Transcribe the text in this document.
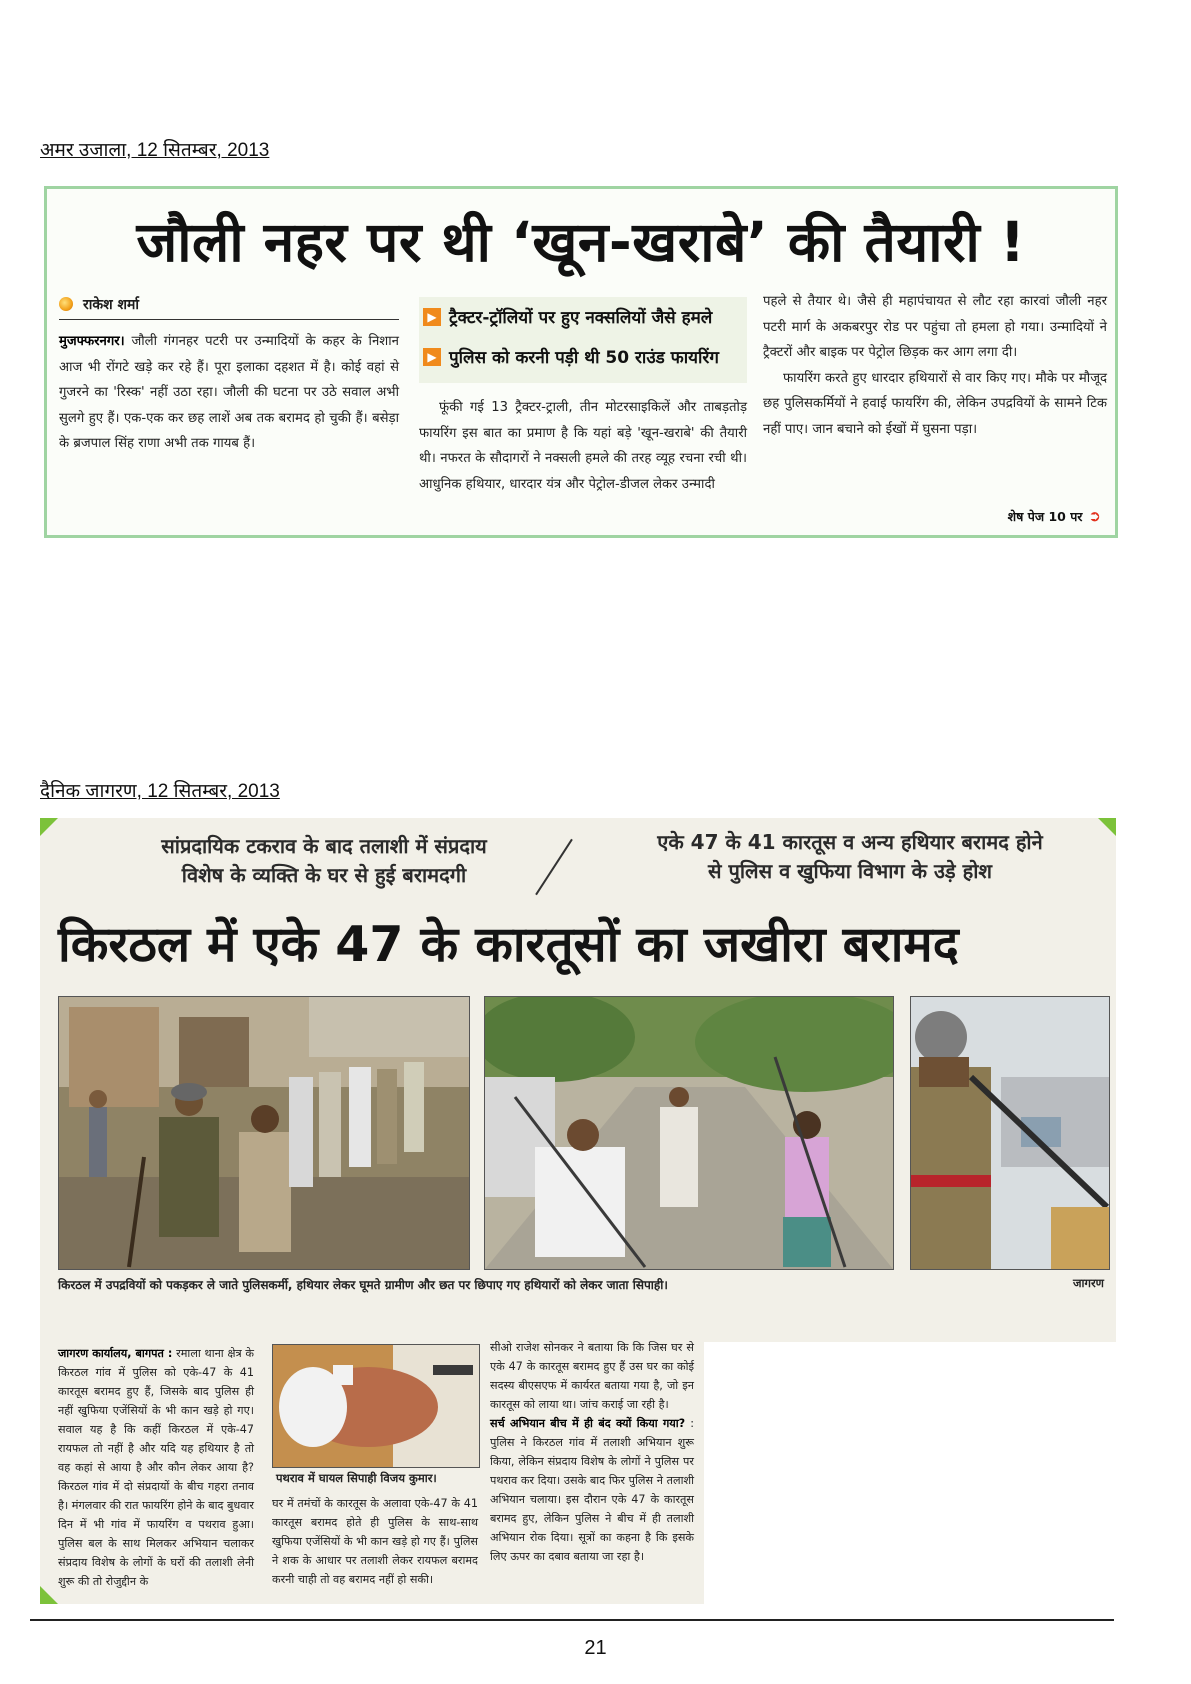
अमर उजाला, 12 सितम्बर, 2013
जौली नहर पर थी ‘खून-खराबे’ की तैयारी !
राकेश शर्मा

मुजफ्फरनगर। जौली गंगनहर पटरी पर उन्मादियों के कहर के निशान आज भी रोंगटे खड़े कर रहे हैं। पूरा इलाका दहशत में है। कोई वहां से गुजरने का 'रिस्क' नहीं उठा रहा। जौली की घटना पर उठे सवाल अभी सुलगे हुए हैं। एक-एक कर छह लाशें अब तक बरामद हो चुकी हैं। बसेड़ा के ब्रजपाल सिंह राणा अभी तक गायब हैं।

▶ ट्रैक्टर-ट्रॉलियों पर हुए नक्सलियों जैसे हमले
▶ पुलिस को करनी पड़ी थी 50 राउंड फायरिंग

फूंकी गई 13 ट्रैक्टर-ट्राली, तीन मोटरसाइकिलें और ताबड़तोड़ फायरिंग इस बात का प्रमाण है कि यहां बड़े 'खून-खराबे' की तैयारी थी। नफरत के सौदागरों ने नक्सली हमले की तरह व्यूह रचना रची थी। आधुनिक हथियार, धारदार यंत्र और पेट्रोल-डीजल लेकर उन्मादी

पहले से तैयार थे। जैसे ही महापंचायत से लौट रहा कारवां जौली नहर पटरी मार्ग के अकबरपुर रोड पर पहुंचा तो हमला हो गया। उन्मादियों ने ट्रैक्टरों और बाइक पर पेट्रोल छिड़क कर आग लगा दी।

फायरिंग करते हुए धारदार हथियारों से वार किए गए। मौके पर मौजूद छह पुलिसकर्मियों ने हवाई फायरिंग की, लेकिन उपद्रवियों के सामने टिक नहीं पाए। जान बचाने को ईखों में घुसना पड़ा।

शेष पेज 10 पर ➲
दैनिक जागरण, 12 सितम्बर, 2013
सांप्रदायिक टकराव के बाद तलाशी में संप्रदाय
विशेष के व्यक्ति के घर से हुई बरामदगी
एके 47 के 41 कारतूस व अन्य हथियार बरामद होने
से पुलिस व खुफिया विभाग के उड़े होश
किरठल में एके 47 के कारतूसों का जखीरा बरामद
किरठल में उपद्रवियों को पकड़कर ले जाते पुलिसकर्मी, हथियार लेकर घूमते ग्रामीण और छत पर छिपाए गए हथियारों को लेकर जाता सिपाही।	जागरण
जागरण कार्यालय, बागपत : रमाला थाना क्षेत्र के किरठल गांव में पुलिस को एके-47 के 41 कारतूस बरामद हुए हैं, जिसके बाद पुलिस ही नहीं खुफिया एजेंसियों के भी कान खड़े हो गए। सवाल यह है कि कहीं किरठल में एके-47 रायफल तो नहीं है और यदि यह हथियार है तो वह कहां से आया है और कौन लेकर आया है? किरठल गांव में दो संप्रदायों के बीच गहरा तनाव है। मंगलवार की रात फायरिंग होने के बाद बुधवार दिन में भी गांव में फायरिंग व पथराव हुआ। पुलिस बल के साथ मिलकर अभियान चलाकर संप्रदाय विशेष के लोगों के घरों की तलाशी लेनी शुरू की तो रोजुद्दीन के
पथराव में घायल सिपाही विजय कुमार।
घर में तमंचों के कारतूस के अलावा एके-47 के 41 कारतूस बरामद होते ही पुलिस के साथ-साथ खुफिया एजेंसियों के भी कान खड़े हो गए हैं। पुलिस ने शक के आधार पर तलाशी लेकर रायफल बरामद करनी चाही तो वह बरामद नहीं हो सकी।
सीओ राजेश सोनकर ने बताया कि कि जिस घर से एके 47 के कारतूस बरामद हुए हैं उस घर का कोई सदस्य बीएसएफ में कार्यरत बताया गया है, जो इन कारतूस को लाया था। जांच कराई जा रही है।
सर्च अभियान बीच में ही बंद क्यों किया गया? : पुलिस ने किरठल गांव में तलाशी अभियान शुरू किया, लेकिन संप्रदाय विशेष के लोगों ने पुलिस पर पथराव कर दिया। उसके बाद फिर पुलिस ने तलाशी अभियान चलाया। इस दौरान एके 47 के कारतूस बरामद हुए, लेकिन पुलिस ने बीच में ही तलाशी अभियान रोक दिया। सूत्रों का कहना है कि इसके लिए ऊपर का दबाव बताया जा रहा है।
21
